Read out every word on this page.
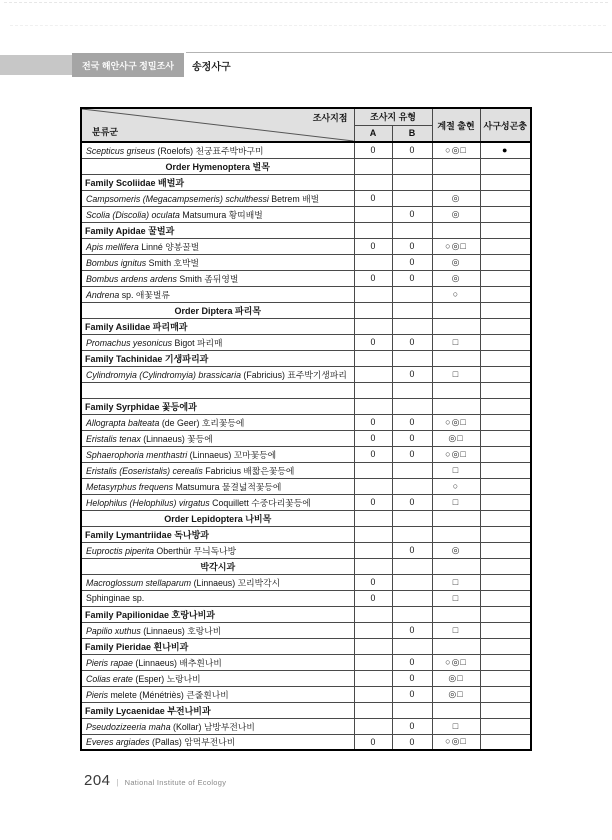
전국 해안사구 정밀조사 송정사구
조사지점
분류군	조사지 유형		계절 출현	사구성곤충
	A	B		
Scepticus griseus (Roelofs) 천궁표주박바구미	0	0	○◎□	●
Order Hymenoptera 벌목				
Family Scoliidae 배벌과				
Campsomeris (Megacampsemeris) schulthessi Betrem 배벌	0		◎	
Scolia (Discolia) oculata Matsumura 황띠배벌		0	◎	
Family Apidae 꿀벌과				
Apis mellifera Linné 양봉꿀벌	0	0	○◎□	
Bombus ignitus Smith 호박벌		0	◎	
Bombus ardens ardens Smith 좀뒤영벌	0	0	◎	
Andrena sp. 애꽃벌류			○	
Order Diptera 파리목				
Family Asilidae 파리매과				
Promachus yesonicus Bigot 파리매	0	0	□	
Family Tachinidae 기생파리과				
Cylindromyia (Cylindromyia) brassicaria (Fabricius) 표주박기생파리		0	□	

Family Syrphidae 꽃등에과				
Allograpta balteata (de Geer) 호리꽃등에	0	0	○◎□	
Eristalis tenax (Linnaeus) 꽃등에	0	0	◎□	
Sphaerophoria menthastri (Linnaeus) 꼬마꽃등에	0	0	○◎□	
Eristalis (Eoseristalis) cerealis Fabricius 배짧은꽃등에			□	
Metasyrphus frequens Matsumura 물결넓적꽃등에			○	
Helophilus (Helophilus) virgatus Coquillett 수중다리꽃등에	0	0	□	
Order Lepidoptera 나비목				
Family Lymantriidae 독나방과				
Euproctis piperita Oberthür 무늬독나방		0	◎	
박각시과				
Macroglossum stellaparum (Linnaeus) 꼬리박각시	0		□	
Sphinginae sp.	0		□	
Family Papilionidae 호랑나비과				
Papilio xuthus (Linnaeus) 호랑나비		0	□	
Family Pieridae 흰나비과				
Pieris rapae (Linnaeus) 배추흰나비		0	○◎□	
Colias erate (Esper) 노랑나비		0	◎□	
Pieris melete (Ménétriès) 큰줄흰나비		0	◎□	
Family Lycaenidae 부전나비과				
Pseudozizeeria maha (Kollar) 남방부전나비		0	□	
Everes argiades (Pallas) 암먹부전나비	0	0	○◎□	
204 | National Institute of Ecology
